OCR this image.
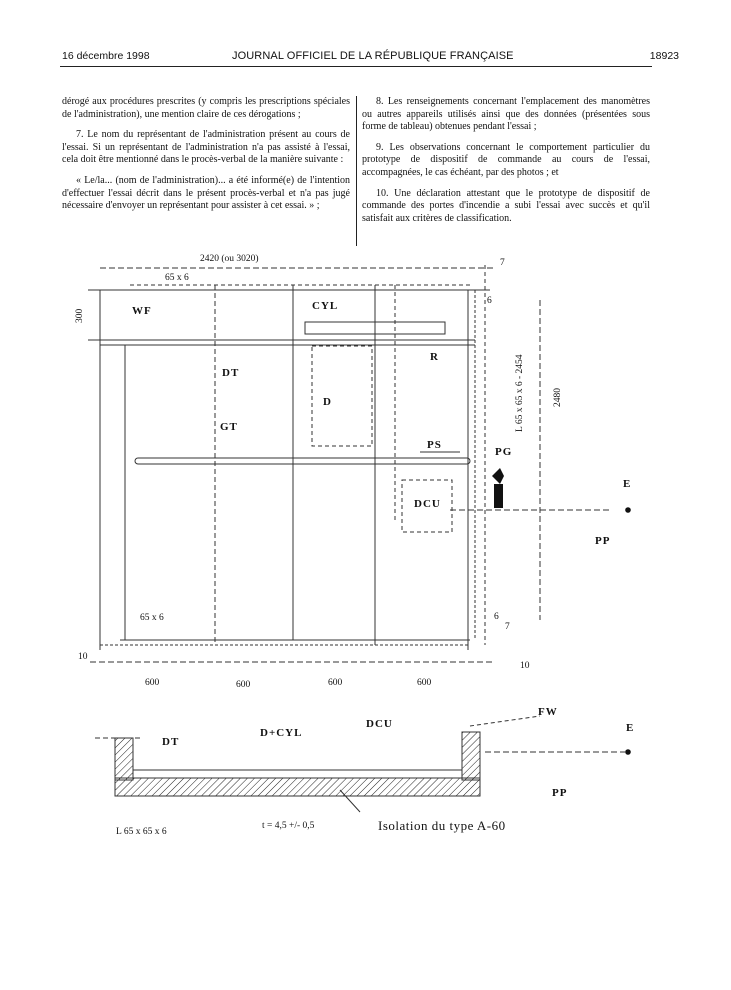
16 décembre 1998	JOURNAL OFFICIEL DE LA RÉPUBLIQUE FRANÇAISE	18923

dérogé aux procédures prescrites (y compris les prescriptions spéciales de l'administration), une mention claire de ces dérogations ;

7. Le nom du représentant de l'administration présent au cours de l'essai. Si un représentant de l'administration n'a pas assisté à l'essai, cela doit être mentionné dans le procès-verbal de la manière suivante :

« Le/la... (nom de l'administration)... a été informé(e) de l'intention d'effectuer l'essai décrit dans le présent procès-verbal et n'a pas jugé nécessaire d'envoyer un représentant pour assister à cet essai. » ;

8. Les renseignements concernant l'emplacement des manomètres ou autres appareils utilisés ainsi que des données (présentées sous forme de tableau) obtenues pendant l'essai ;

9. Les observations concernant le comportement particulier du prototype de dispositif de commande au cours de l'essai, accompagnées, le cas échéant, par des photos ; et

10. Une déclaration attestant que le prototype de dispositif de commande des portes d'incendie a subi l'essai avec succès et qu'il satisfait aux critères de classification.

2420 (ou 3020)
65 x 6
300	WF	CYL
R
DT
D
GT
PS
PG
DCU
E
PP
L 65 x 65 x 6 - 2454	2480
6
7
6
7
65 x 6
10
10
600	600	600	600
FW
DT
D+CYL
DCU	E
PP
L 65 x 65 x 6
t = 4,5 +/- 0,5	Isolation du type A-60
